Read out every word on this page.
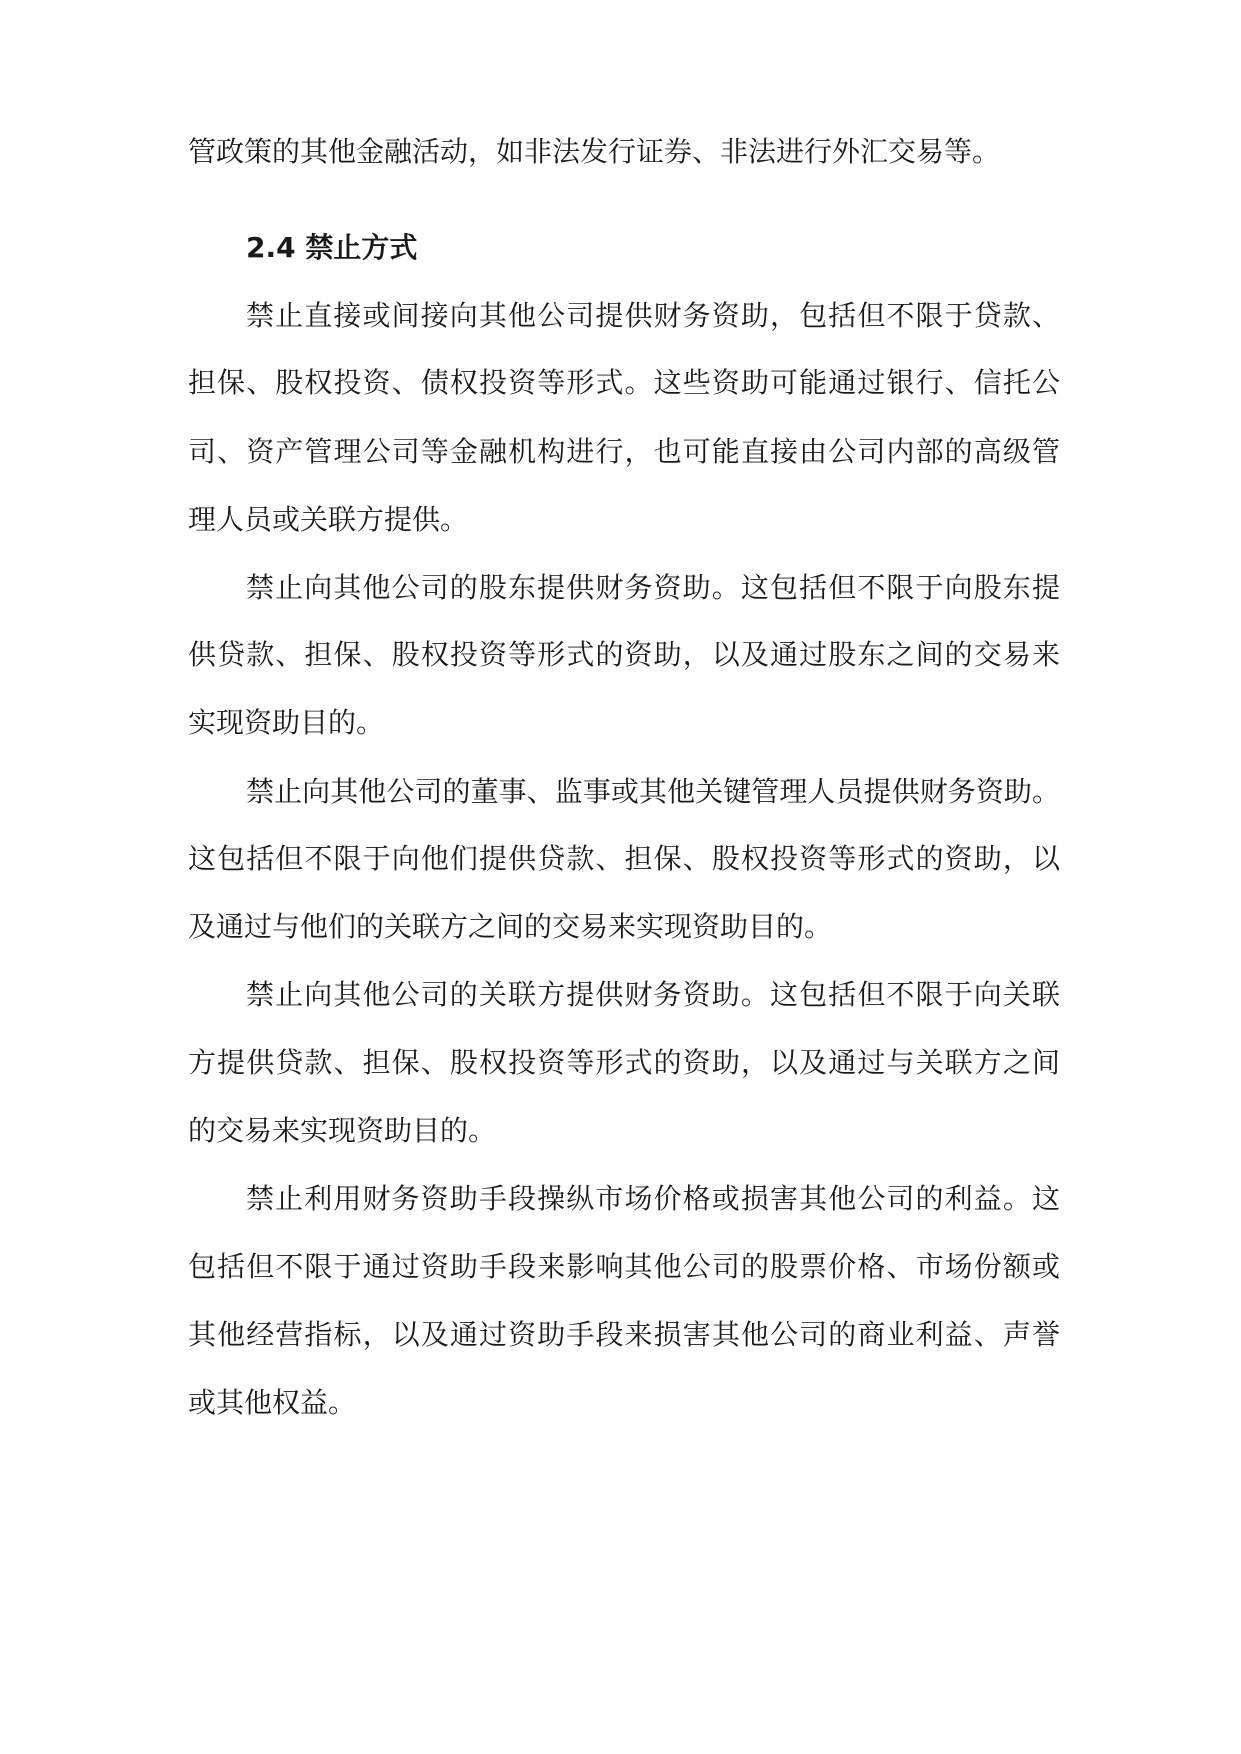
管政策的其他金融活动，如非法发行证券、非法进行外汇交易等。
2.4 禁止方式
禁止直接或间接向其他公司提供财务资助，包括但不限于贷款、
担保、股权投资、债权投资等形式。这些资助可能通过银行、信托公
司、资产管理公司等金融机构进行，也可能直接由公司内部的高级管
理人员或关联方提供。
禁止向其他公司的股东提供财务资助。这包括但不限于向股东提
供贷款、担保、股权投资等形式的资助，以及通过股东之间的交易来
实现资助目的。
禁止向其他公司的董事、监事或其他关键管理人员提供财务资助。
这包括但不限于向他们提供贷款、担保、股权投资等形式的资助，以
及通过与他们的关联方之间的交易来实现资助目的。
禁止向其他公司的关联方提供财务资助。这包括但不限于向关联
方提供贷款、担保、股权投资等形式的资助，以及通过与关联方之间
的交易来实现资助目的。
禁止利用财务资助手段操纵市场价格或损害其他公司的利益。这
包括但不限于通过资助手段来影响其他公司的股票价格、市场份额或
其他经营指标，以及通过资助手段来损害其他公司的商业利益、声誉
或其他权益。
